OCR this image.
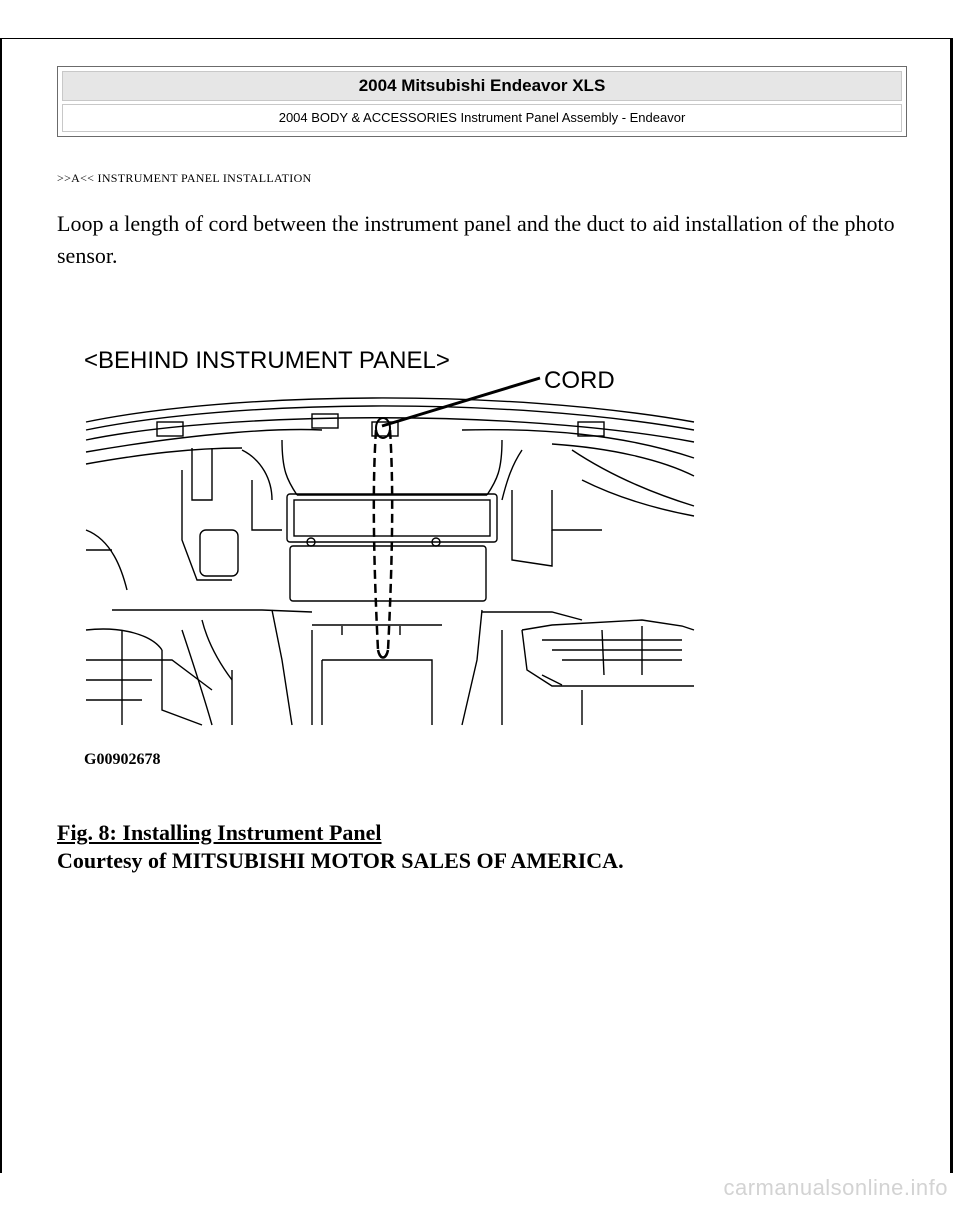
2004 Mitsubishi Endeavor XLS
2004 BODY & ACCESSORIES Instrument Panel Assembly - Endeavor
>>A<< INSTRUMENT PANEL INSTALLATION
Loop a length of cord between the instrument panel and the duct to aid installation of the photo sensor.
<BEHIND INSTRUMENT PANEL>
CORD
G00902678
Fig. 8: Installing Instrument Panel
Courtesy of MITSUBISHI MOTOR SALES OF AMERICA.
carmanualsonline.info
